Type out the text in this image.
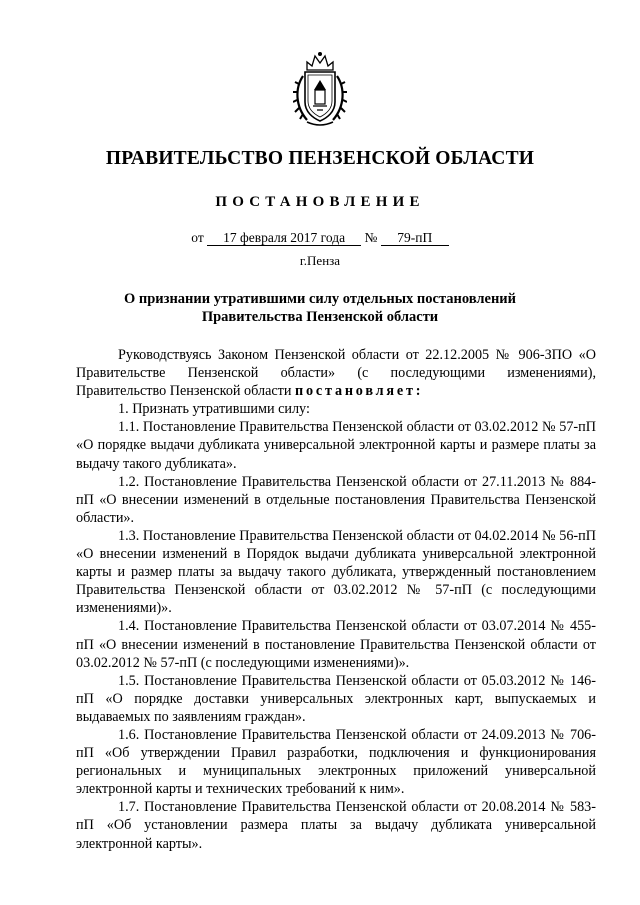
ПРАВИТЕЛЬСТВО ПЕНЗЕНСКОЙ ОБЛАСТИ
ПОСТАНОВЛЕНИЕ
от 17 февраля 2017 года № 79-пП
г.Пенза
О признании утратившими силу отдельных постановлений
Правительства Пензенской области

Руководствуясь Законом Пензенской области от 22.12.2005 № 906-ЗПО «О Правительстве Пензенской области» (с последующими изменениями), Правительство Пензенской области постановляет:

1. Признать утратившими силу:

1.1. Постановление Правительства Пензенской области от 03.02.2012 № 57-пП «О порядке выдачи дубликата универсальной электронной карты и размере платы за выдачу такого дубликата».

1.2. Постановление Правительства Пензенской области от 27.11.2013 № 884-пП «О внесении изменений в отдельные постановления Правительства Пензенской области».

1.3. Постановление Правительства Пензенской области от 04.02.2014 № 56-пП «О внесении изменений в Порядок выдачи дубликата универсальной электронной карты и размер платы за выдачу такого дубликата, утвержденный постановлением Правительства Пензенской области от 03.02.2012 № 57-пП (с последующими изменениями)».

1.4. Постановление Правительства Пензенской области от 03.07.2014 № 455-пП «О внесении изменений в постановление Правительства Пензенской области от 03.02.2012 № 57-пП (с последующими изменениями)».

1.5. Постановление Правительства Пензенской области от 05.03.2012 № 146-пП «О порядке доставки универсальных электронных карт, выпускаемых и выдаваемых по заявлениям граждан».

1.6. Постановление Правительства Пензенской области от 24.09.2013 № 706-пП «Об утверждении Правил разработки, подключения и функционирования региональных и муниципальных электронных приложений универсальной электронной карты и технических требований к ним».

1.7. Постановление Правительства Пензенской области от 20.08.2014 № 583-пП «Об установлении размера платы за выдачу дубликата универсальной электронной карты».
